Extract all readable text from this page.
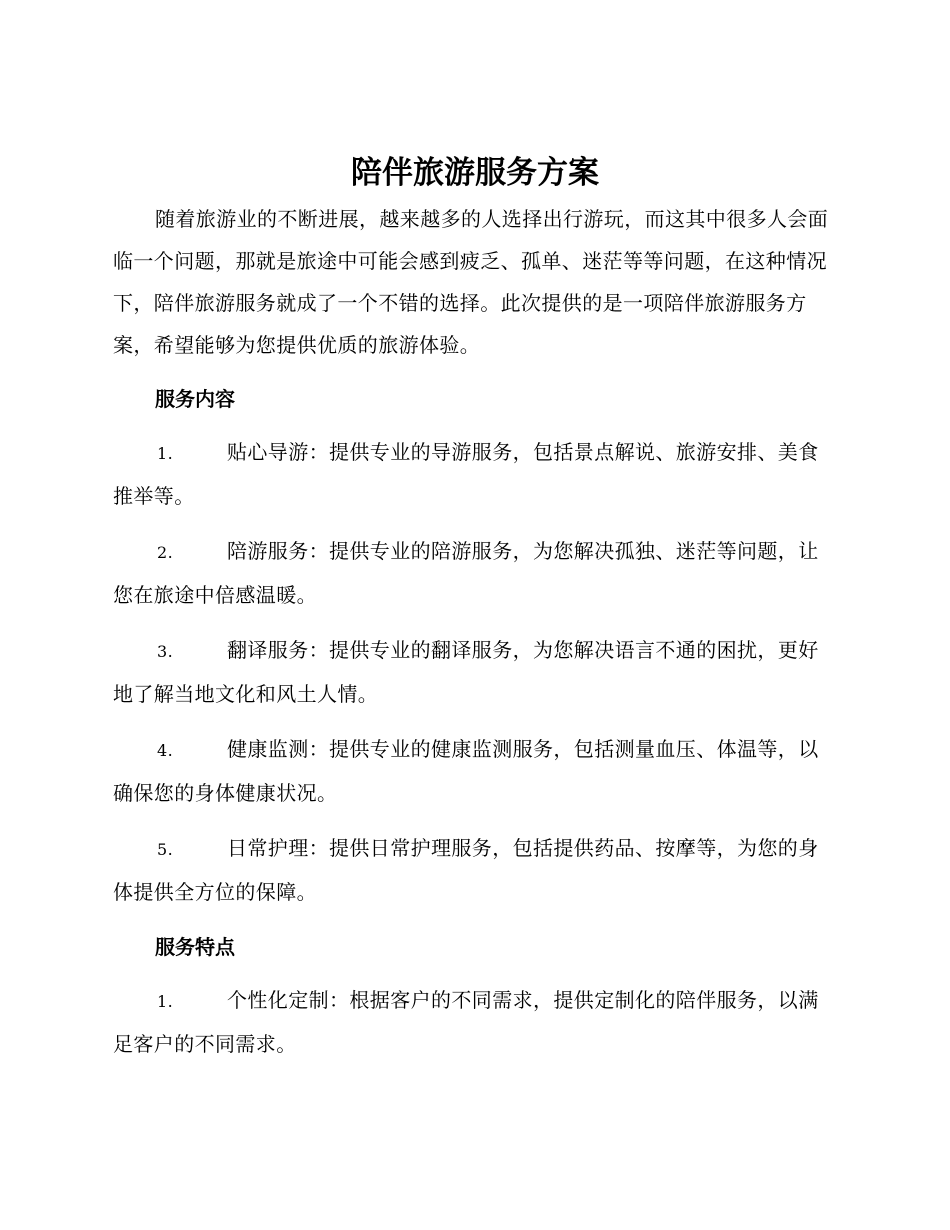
陪伴旅游服务方案

随着旅游业的不断进展，越来越多的人选择出行游玩，而这其中很多人会面临一个问题，那就是旅途中可能会感到疲乏、孤单、迷茫等等问题，在这种情况下，陪伴旅游服务就成了一个不错的选择。此次提供的是一项陪伴旅游服务方案，希望能够为您提供优质的旅游体验。

服务内容

1.	贴心导游：提供专业的导游服务，包括景点解说、旅游安排、美食推举等。

2.	陪游服务：提供专业的陪游服务，为您解决孤独、迷茫等问题，让您在旅途中倍感温暖。

3.	翻译服务：提供专业的翻译服务，为您解决语言不通的困扰，更好地了解当地文化和风土人情。

4.	健康监测：提供专业的健康监测服务，包括测量血压、体温等，以确保您的身体健康状况。

5.	日常护理：提供日常护理服务，包括提供药品、按摩等，为您的身体提供全方位的保障。

服务特点

1.	个性化定制：根据客户的不同需求，提供定制化的陪伴服务，以满足客户的不同需求。
